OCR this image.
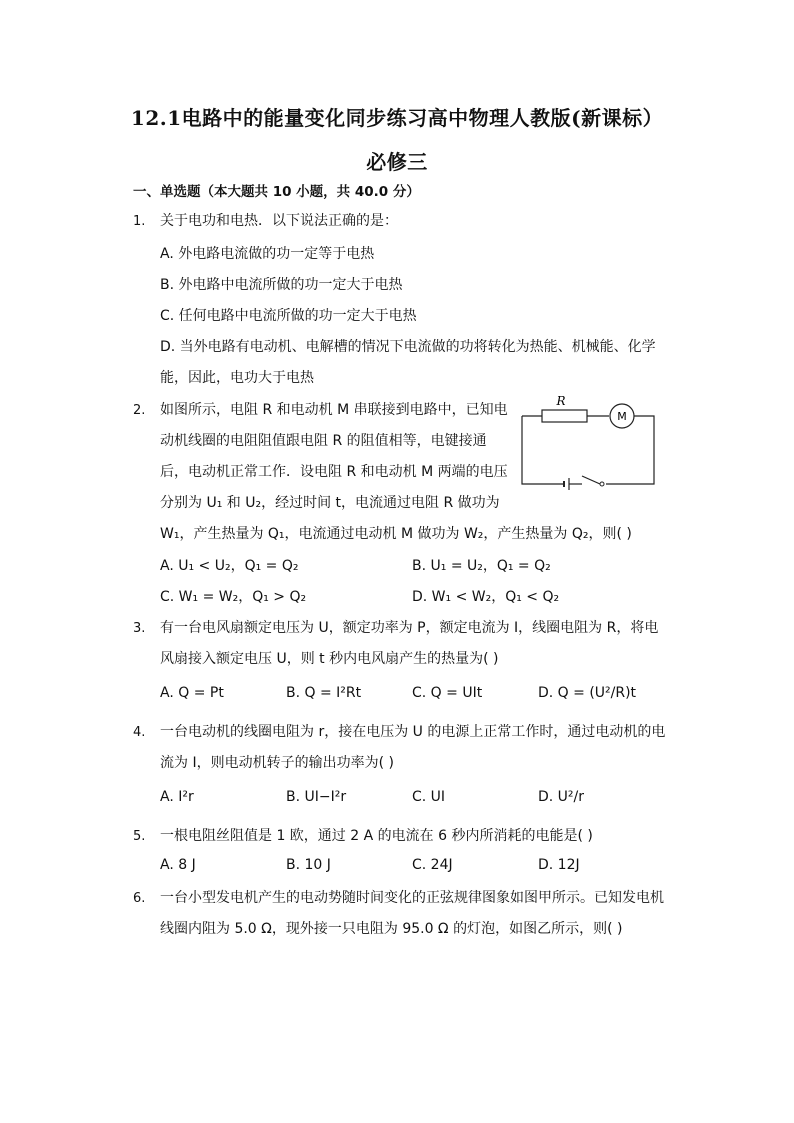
12.1电路中的能量变化同步练习高中物理人教版(新课标）
必修三
一、单选题（本大题共 10 小题，共 40.0 分）
1. 关于电功和电热．以下说法正确的是：
A. 外电路电流做的功一定等于电热
B. 外电路中电流所做的功一定大于电热
C. 任何电路中电流所做的功一定大于电热
D. 当外电路有电动机、电解槽的情况下电流做的功将转化为热能、机械能、化学
能，因此，电功大于电热
2. 如图所示，电阻 R 和电动机 M 串联接到电路中，已知电
动机线圈的电阻阻值跟电阻 R 的阻值相等，电键接通
后，电动机正常工作．设电阻 R 和电动机 M 两端的电压
分别为 U₁ 和 U₂，经过时间 t，电流通过电阻 R 做功为
W₁，产生热量为 Q₁，电流通过电动机 M 做功为 W₂，产生热量为 Q₂，则( )
A. U₁ < U₂，Q₁ = Q₂	B. U₁ = U₂，Q₁ = Q₂
C. W₁ = W₂，Q₁ > Q₂	D. W₁ < W₂，Q₁ < Q₂
R
M
3. 有一台电风扇额定电压为 U，额定功率为 P，额定电流为 I，线圈电阻为 R，将电
风扇接入额定电压 U，则 t 秒内电风扇产生的热量为( )
A. Q = Pt	B. Q = I²Rt	C. Q = UIt	D. Q = (U²/R)t
4. 一台电动机的线圈电阻为 r，接在电压为 U 的电源上正常工作时，通过电动机的电
流为 I，则电动机转子的输出功率为( )
A. I²r	B. UI−I²r	C. UI	D. U²/r
5. 一根电阻丝阻值是 1 欧，通过 2 A 的电流在 6 秒内所消耗的电能是( )
A. 8 J	B. 10 J	C. 24J	D. 12J
6. 一台小型发电机产生的电动势随时间变化的正弦规律图象如图甲所示。已知发电机
线圈内阻为 5.0 Ω，现外接一只电阻为 95.0 Ω 的灯泡，如图乙所示，则( )
